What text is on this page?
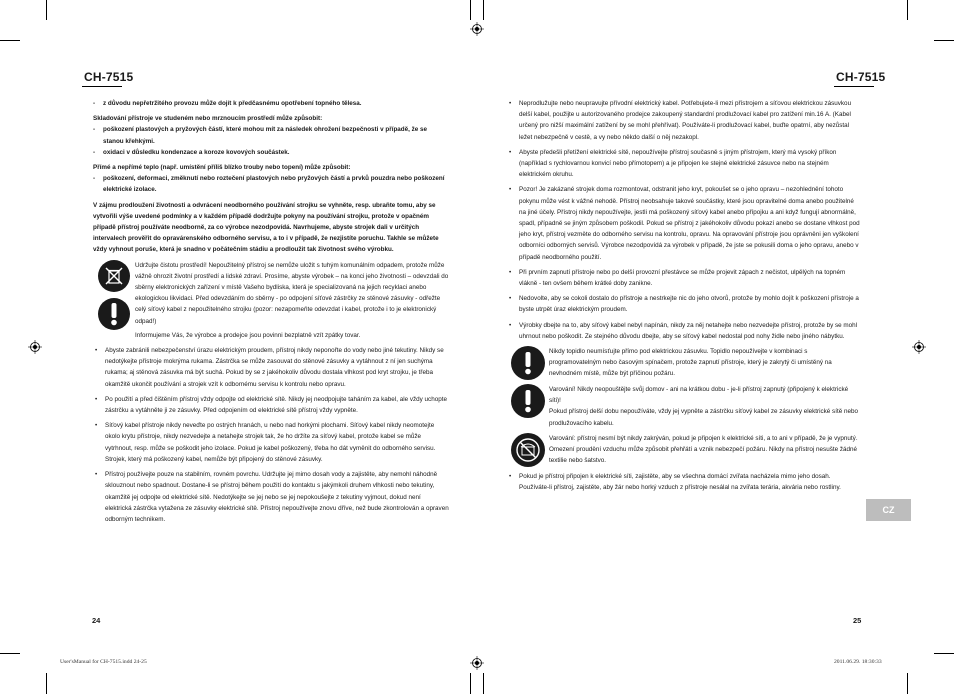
CH-7515	CH-7515

- z důvodu nepřetržitého provozu může dojít k předčasnému opotřebení topného tělesa.

Skladování přístroje ve studeném nebo mrznoucím prostředí může způsobit:

- poškození plastových a pryžových částí, které mohou mít za následek ohrožení bezpečnosti v případě, že se stanou křehkými.

- oxidaci v důsledku kondenzace a koroze kovových součástek.

Přímé a nepřímé teplo (např. umístění příliš blízko trouby nebo topení) může způsobit:

- poškození, deformaci, změknutí nebo roztečení plastových nebo pryžových částí a prvků pouzdra nebo poškození elektrické izolace.

V zájmu prodloužení životnosti a odvrácení neodborného používání strojku se vyhněte, resp. ubraňte tomu, aby se vytvořili výše uvedené podmínky a v každém případě dodržujte pokyny na používání strojku, protože v opačném případě přístroj používáte neodborně, za co výrobce nezodpovídá. Navrhujeme, abyste strojek dali v určitých intervalech prověřit do opravárenského odborného servisu, a to i v případě, že nezjistíte poruchu. Takhle se můžete vždy vyhnout poruše, která je snadno v počátečním stádiu a prodloužit tak životnost svého výrobku.

Udržujte čistotu prostředí! Nepoužitelný přístroj se nemůže uložit s tuhým komunálním odpadem, protože může vážně ohrozit životní prostředí a lidské zdraví. Prosíme, abyste výrobek – na konci jeho životnosti – odevzdali do sběrny elektronických zařízení v místě Vašeho bydliska, která je specializovaná na jejich recyklaci anebo ekologickou likvidaci. Před odevzdáním do sběrny - po odpojení síťové zástrčky ze stěnové zásuvky - odřežte celý síťový kabel z nepoužitelného strojku (pozor: nezapomeňte odevzdat i kabel, protože i to je elektronický odpad!)

Informujeme Vás, že výrobce a prodejce jsou povinni bezplatně vzít zpátky tovar.

• Abyste zabránili nebezpečenství úrazu elektrickým proudem, přístroj nikdy neponořte do vody nebo jiné tekutiny. Nikdy se nedotýkejte přístroje mokrýma rukama. Zástrčka se může zasouvat do stěnové zásuvky a vytáhnout z ní jen suchýma rukama; aj stěnová zásuvka má být suchá. Pokud by se z jakéhokoliv důvodu dostala vlhkost pod kryt strojku, je třeba okamžitě ukončit používání a strojek vzít k odbornému servisu k kontrolu nebo opravu.

• Po použití a před čištěním přístroj vždy odpojte od elektrické sítě. Nikdy jej neodpojujte taháním za kabel, ale vždy uchopte zástrčku a vytáhněte ji ze zásuvky. Před odpojením od elektrické sítě přístroj vždy vypněte.

• Síťový kabel přístroje nikdy neveďte po ostrých hranách, u nebo nad horkými plochami. Síťový kabel nikdy neomotejte okolo krytu přístroje, nikdy nezvedejte a netahejte strojek tak, že ho držíte za síťový kabel, protože kabel se může vytrhnout, resp. může se poškodit jeho izolace. Pokud je kabel poškozený, třeba ho dát vyměnit do odborného servisu. Strojek, který má poškozený kabel, nemůže být připojený do stěnové zásuvky.

• Přístroj používejte pouze na stabilním, rovném povrchu. Udržujte jej mimo dosah vody a zajistěte, aby nemohl náhodně sklouznout nebo spadnout. Dostane-li se přístroj během použití do kontaktu s jakýmkoli druhem vlhkosti nebo tekutiny, okamžitě jej odpojte od elektrické sítě. Nedotýkejte se jej nebo se jej nepokoušejte z tekutiny vyjmout, dokud není elektrická zástrčka vytažena ze zásuvky elektrické sítě. Přístroj nepoužívejte znovu dříve, než bude zkontrolován a opraven odborným technikem.

24

• Neprodlužujte nebo neupravujte přívodní elektrický kabel. Potřebujete-li mezi přístrojem a síťovou elektrickou zásuvkou delší kabel, použijte u autorizovaného prodejce zakoupený standardní prodlužovací kabel pro zatížení min.16 A. (Kabel určený pro nižší maximální zatížení by se mohl přehřívat). Používáte-li prodlužovací kabel, buďte opatrní, aby nezůstal ležet nebezpečně v cestě, a vy nebo někdo další o něj nezakopl.

• Abyste předešli přetížení elektrické sítě, nepoužívejte přístroj současně s jiným přístrojem, který má vysoký příkon (například s rychlovarnou konvicí nebo přímotopem) a je připojen ke stejné elektrické zásuvce nebo na stejném elektrickém okruhu.

• Pozor! Je zakázané strojek doma rozmontovat, odstranit jeho kryt, pokoušet se o jeho opravu – nezohlednění tohoto pokynu může vést k vážné nehodě. Přístroj neobsahuje takové součástky, které jsou opravitelné doma anebo použitelné na jiné účely. Přístroj nikdy nepoužívejte, jestli má poškozený síťový kabel anebo přípojku a ani když fungují abnormálně, spadl, případně se jiným způsobem poškodil. Pokud se přístroj z jakéhokoliv důvodu pokazí anebo se dostane vlhkost pod jeho kryt, přístroj vezměte do odborného servisu na kontrolu, opravu. Na opravování přístroje jsou oprávněni jen vyškolení odborníci odborných servisů. Výrobce nezodpovídá za výrobek v případě, že jste se pokusili doma o jeho opravu, anebo v případě neodborného použití.

• Při prvním zapnutí přístroje nebo po delší provozní přestávce se může projevit zápach z nečistot, ulpělých na topném vlákně - ten ovšem během krátké doby zanikne.

• Nedovolte, aby se cokoli dostalo do přístroje a nestrkejte nic do jeho otvorů, protože by mohlo dojít k poškození přístroje a byste utrpět úraz elektrickým proudem.

• Výrobky dbejte na to, aby síťový kabel nebyl napínán, nikdy za něj netahejte nebo nezvedejte přístroj, protože by se mohl uhrnout nebo poškodit. Ze stejného důvodu dbejte, aby se síťový kabel nedostal pod nohy židle nebo jiného nábytku.

Nikdy topidlo neumísťujte přímo pod elektrickou zásuvku. Topidlo nepoužívejte v kombinaci s programovatelným nebo časovým spínačem, protože zapnutí přístroje, který je zakrytý či umístěný na nevhodném místě, může být příčinou požáru.

Varování! Nikdy neopouštějte svůj domov - ani na krátkou dobu - je-li přístroj zapnutý (připojený k elektrické síti)!

Pokud přístroj delší dobu nepoužíváte, vždy jej vypněte a zástrčku síťový kabel ze zásuvky elektrické sítě nebo prodlužovacího kabelu.

Varování: přístroj nesmí být nikdy zakrýván, pokud je připojen k elektrické síti, a to ani v případě, že je vypnutý. Omezení proudění vzduchu může způsobit přehřátí a vznik nebezpečí požáru. Nikdy na přístroj nesušte žádné textilie nebo šatstvo.

• Pokud je přístroj připojen k elektrické síti, zajistěte, aby se všechna domácí zvířata nacházela mimo jeho dosah. Používáte-li přístroj, zajistěte, aby žár nebo horký vzduch z přístroje nesálal na zvířata terária, akvária nebo rostliny.

CZ
25
User'sManual for CH-7515.indd 24-25	2011.06.29. 18:30:33
